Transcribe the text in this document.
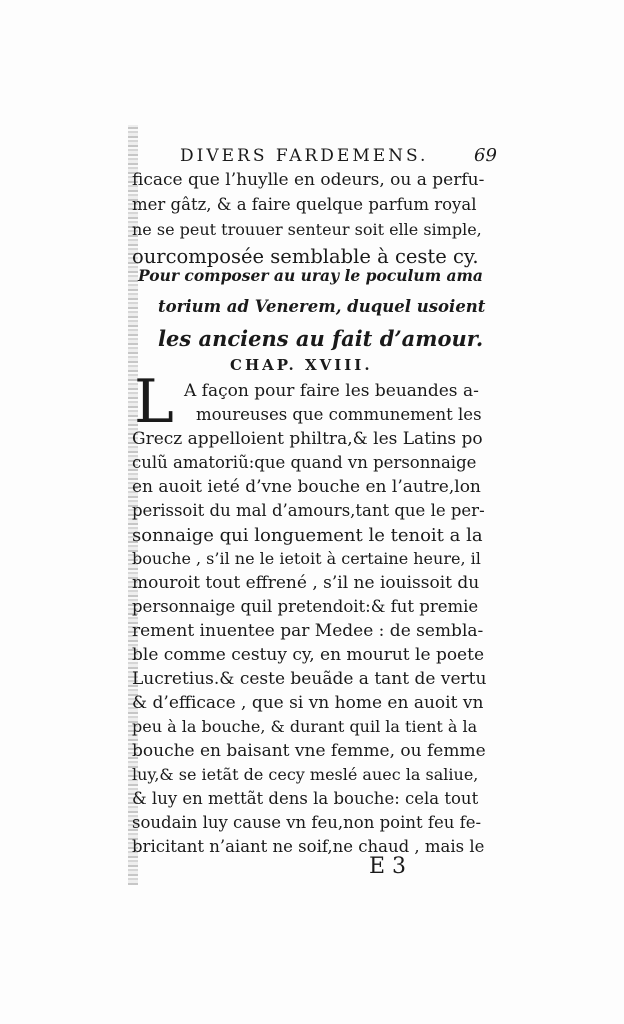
DIVERS FARDEMENS.	69
ficace que l’huylle en odeurs, ou a perfu-
mer gâtz, & a faire quelque parfum royal
ne se peut trouuer senteur soit elle simple,
ourcomposée semblable à ceste cy.
Pour composer au uray le poculum ama
torium ad Venerem, duquel usoient
les anciens au fait d’amour.
CHAP. XVIII.
L A façon pour faire les beuandes a-
moureuses que communement les
Grecz appelloient philtra,& les Latins po
culũ amatoriũ:que quand vn personnaige
en auoit ieté d’vne bouche en l’autre,lon
perissoit du mal d’amours,tant que le per-
sonnaige qui longuement le tenoit a la
bouche , s’il ne le ietoit à certaine heure, il
mouroit tout effrené , s’il ne iouissoit du
personnaige quil pretendoit:& fut premie
rement inuentee par Medee : de sembla-
ble comme cestuy cy, en mourut le poete
Lucretius.& ceste beuãde a tant de vertu
& d’efficace , que si vn home en auoit vn
peu à la bouche, & durant quil la tient à la
bouche en baisant vne femme, ou femme
luy,& se ietãt de cecy meslé auec la saliue,
& luy en mettãt dens la bouche: cela tout
soudain luy cause vn feu,non point feu fe-
bricitant n’aiant ne soif,ne chaud , mais le
E 3
